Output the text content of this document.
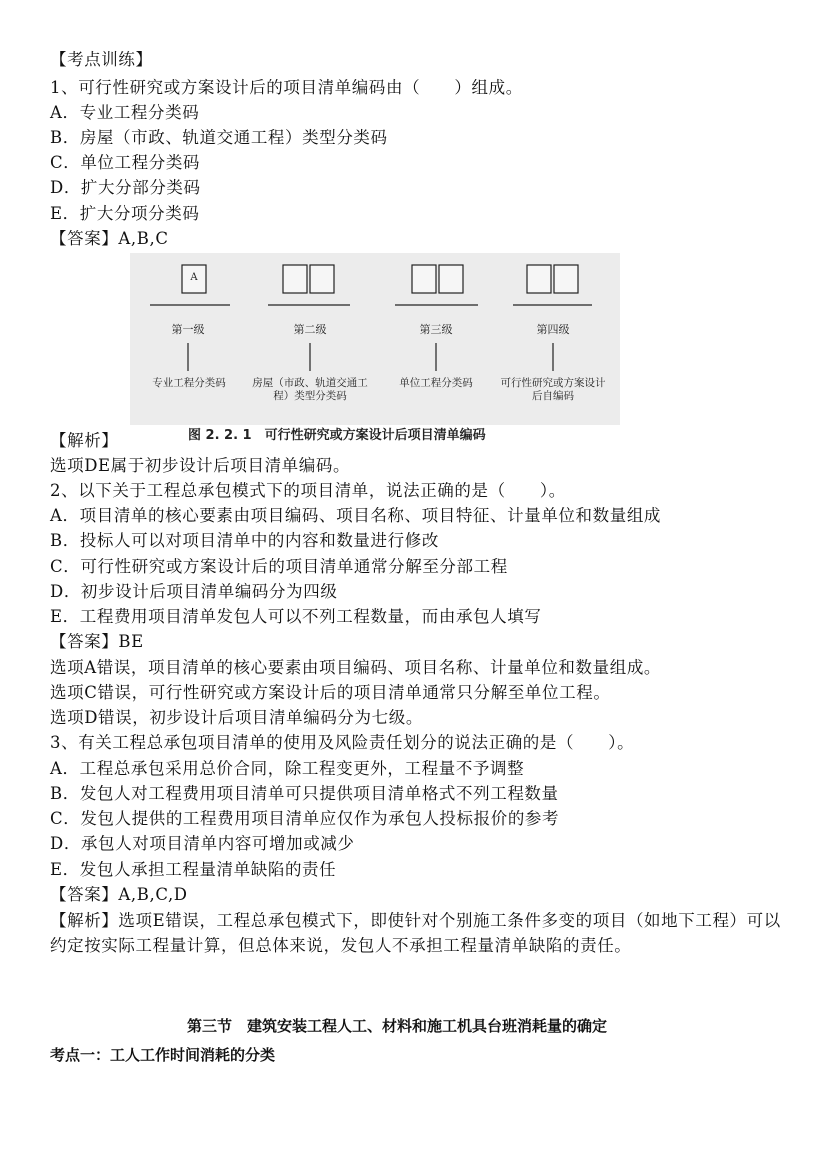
【考点训练】
1、可行性研究或方案设计后的项目清单编码由（　　）组成。
A．专业工程分类码
B．房屋（市政、轨道交通工程）类型分类码
C．单位工程分类码
D．扩大分部分类码
E．扩大分项分类码
【答案】A,B,C

A
第一级	第二级	第三级	第四级
专业工程分类码	房屋（市政、轨道交通工程）类型分类码
单位工程分类码	可行性研究或方案设计后自编码
图 2. 2. 1　可行性研究或方案设计后项目清单编码
【解析】
选项DE属于初步设计后项目清单编码。
2、以下关于工程总承包模式下的项目清单，说法正确的是（　　）。
A．项目清单的核心要素由项目编码、项目名称、项目特征、计量单位和数量组成
B．投标人可以对项目清单中的内容和数量进行修改
C．可行性研究或方案设计后的项目清单通常分解至分部工程
D．初步设计后项目清单编码分为四级
E．工程费用项目清单发包人可以不列工程数量，而由承包人填写
【答案】BE
选项A错误，项目清单的核心要素由项目编码、项目名称、计量单位和数量组成。
选项C错误，可行性研究或方案设计后的项目清单通常只分解至单位工程。
选项D错误，初步设计后项目清单编码分为七级。
3、有关工程总承包项目清单的使用及风险责任划分的说法正确的是（　　）。
A．工程总承包采用总价合同，除工程变更外，工程量不予调整
B．发包人对工程费用项目清单可只提供项目清单格式不列工程数量
C．发包人提供的工程费用项目清单应仅作为承包人投标报价的参考
D．承包人对项目清单内容可增加或减少
E．发包人承担工程量清单缺陷的责任
【答案】A,B,C,D
【解析】选项E错误，工程总承包模式下，即使针对个别施工条件多变的项目（如地下工程）可以约定按实际工程量计算，但总体来说，发包人不承担工程量清单缺陷的责任。
第三节　建筑安装工程人工、材料和施工机具台班消耗量的确定
考点一：工人工作时间消耗的分类
